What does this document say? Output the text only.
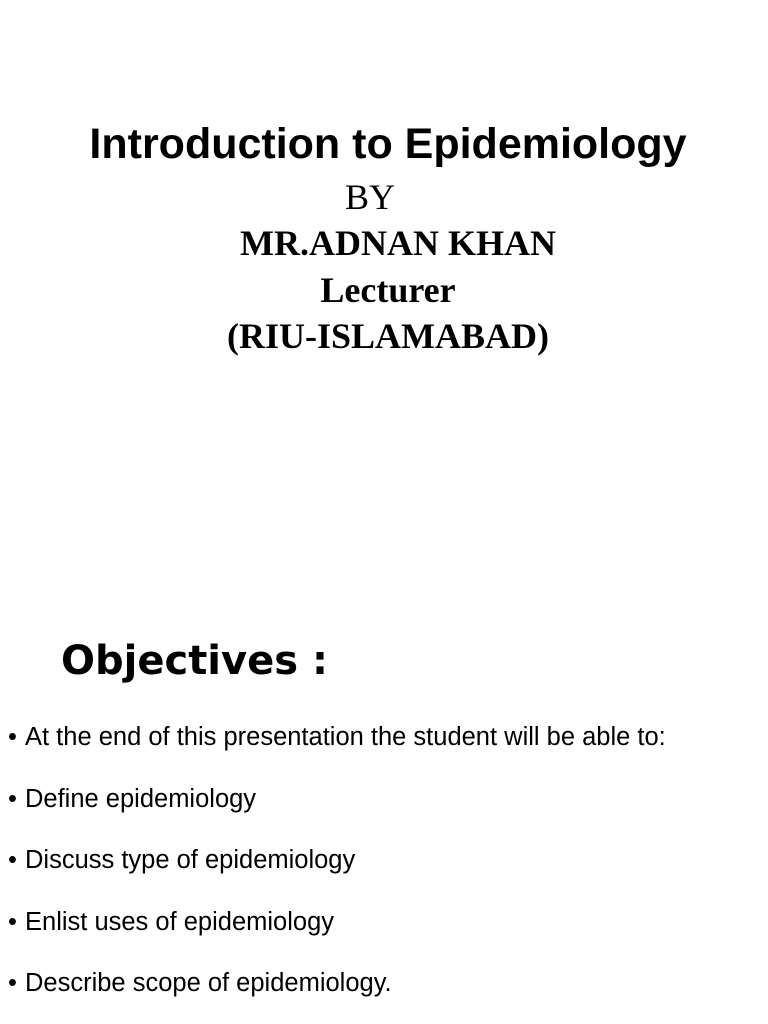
Introduction to Epidemiology
BY
MR.ADNAN KHAN
Lecturer
(RIU-ISLAMABAD)
Objectives :
• At the end of this presentation the student will be able to:
• Define epidemiology
• Discuss type of epidemiology
• Enlist uses of epidemiology
• Describe scope of epidemiology.
